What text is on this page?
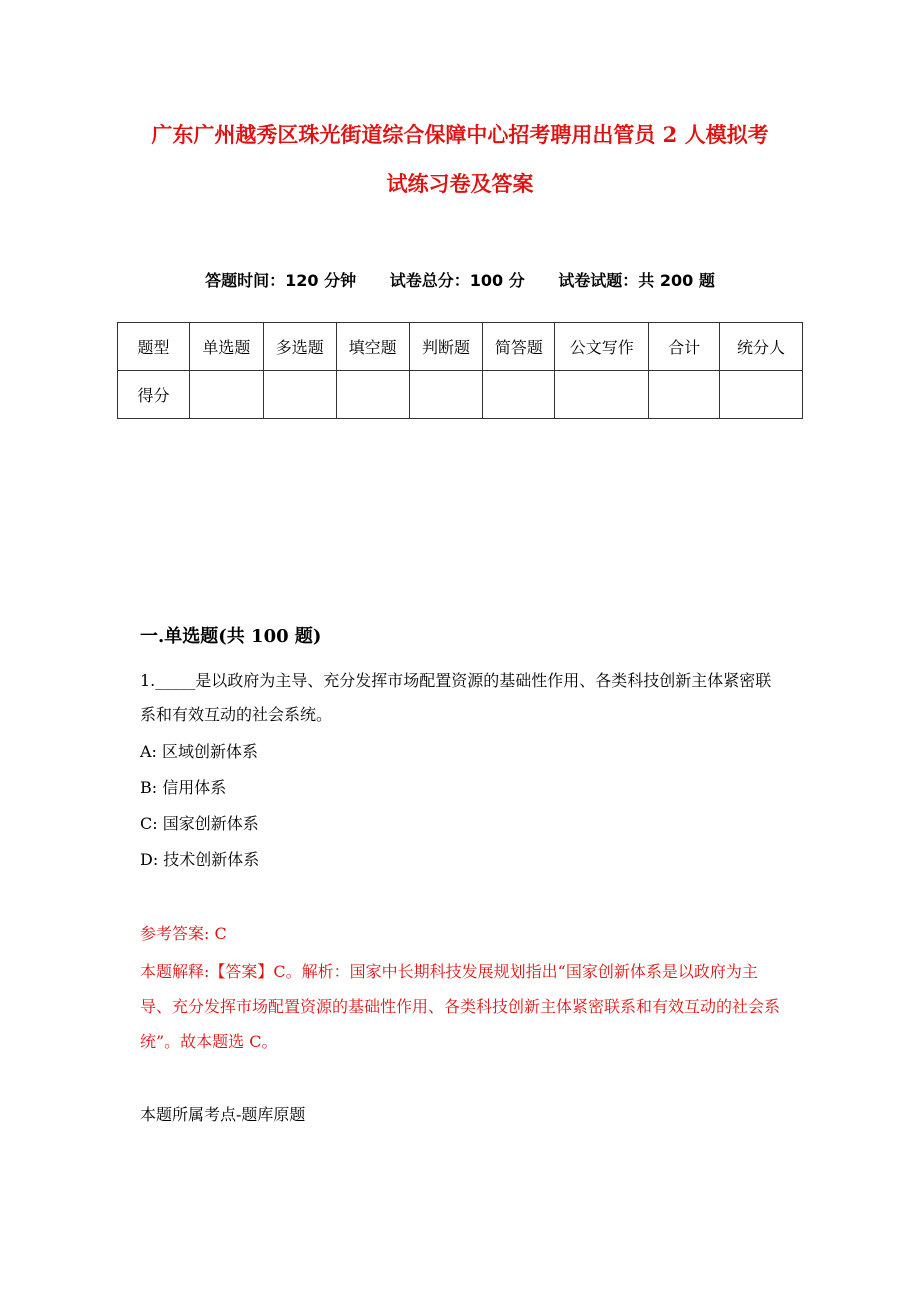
广东广州越秀区珠光街道综合保障中心招考聘用出管员 2 人模拟考
试练习卷及答案
答题时间：120 分钟 试卷总分：100 分 试卷试题：共 200 题
题型	单选题	多选题	填空题	判断题	简答题	公文写作	合计	统分人
得分								
一.单选题(共 100 题)

1._____是以政府为主导、充分发挥市场配置资源的基础性作用、各类科技创新主体紧密联系和有效互动的社会系统。

A: 区域创新体系
B: 信用体系
C: 国家创新体系
D: 技术创新体系
参考答案: C

本题解释:【答案】C。解析：国家中长期科技发展规划指出“国家创新体系是以政府为主导、充分发挥市场配置资源的基础性作用、各类科技创新主体紧密联系和有效互动的社会系统”。故本题选 C。

本题所属考点-题库原题
